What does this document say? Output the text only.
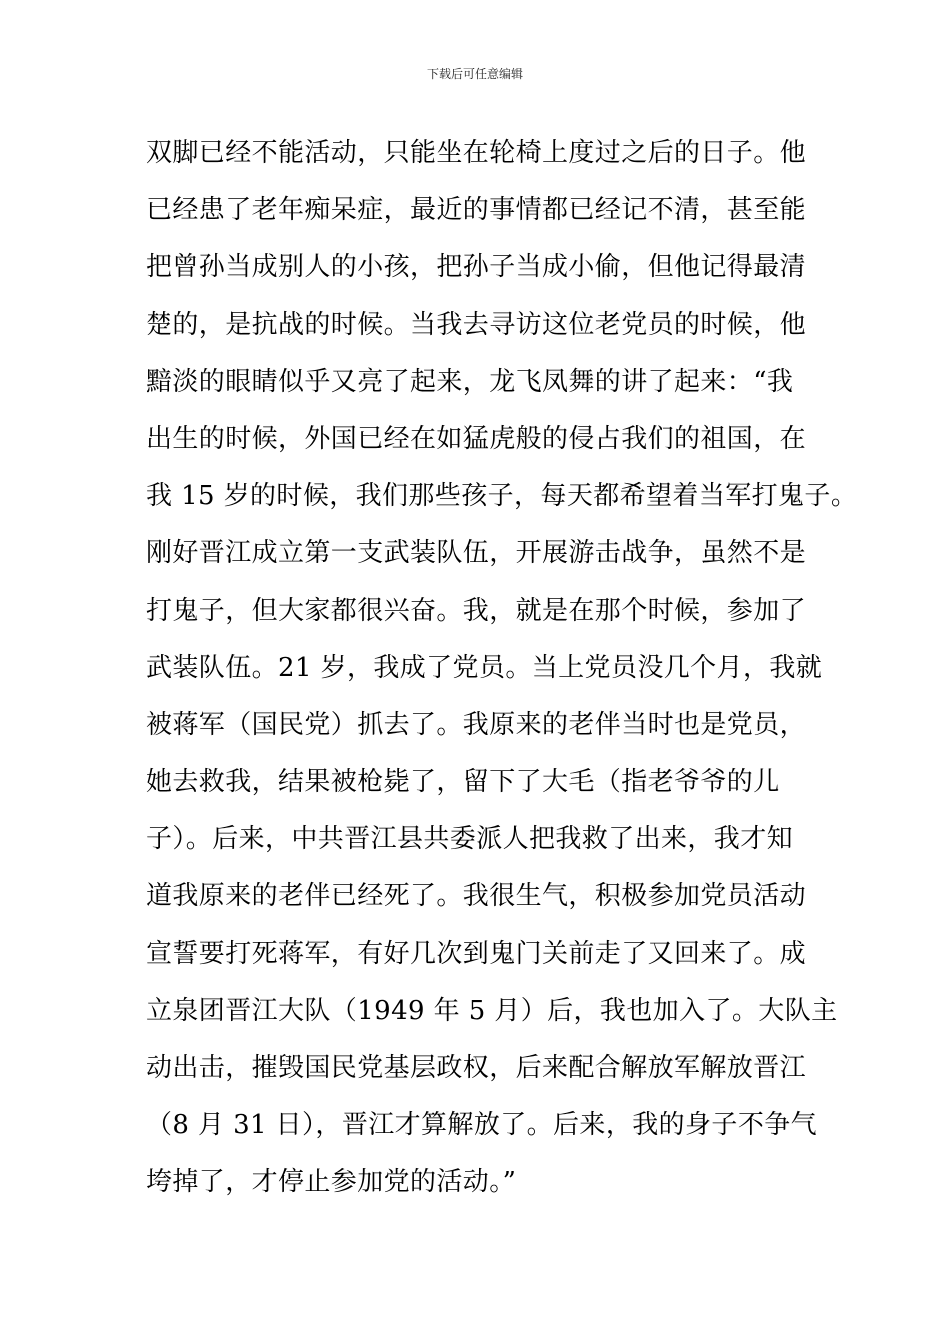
下载后可任意编辑
双脚已经不能活动，只能坐在轮椅上度过之后的日子。他
已经患了老年痴呆症，最近的事情都已经记不清，甚至能
把曾孙当成别人的小孩，把孙子当成小偷，但他记得最清
楚的，是抗战的时候。当我去寻访这位老党员的时候，他
黯淡的眼睛似乎又亮了起来，龙飞凤舞的讲了起来：“我
出生的时候，外国已经在如猛虎般的侵占我们的祖国，在
我 15 岁的时候，我们那些孩子，每天都希望着当军打鬼子。
刚好晋江成立第一支武装队伍，开展游击战争，虽然不是
打鬼子，但大家都很兴奋。我，就是在那个时候，参加了
武装队伍。21 岁，我成了党员。当上党员没几个月，我就
被蒋军（国民党）抓去了。我原来的老伴当时也是党员，
她去救我，结果被枪毙了，留下了大毛（指老爷爷的儿
子）。后来，中共晋江县共委派人把我救了出来，我才知
道我原来的老伴已经死了。我很生气，积极参加党员活动
宣誓要打死蒋军，有好几次到鬼门关前走了又回来了。成
立泉团晋江大队（1949 年 5 月）后，我也加入了。大队主
动出击，摧毁国民党基层政权，后来配合解放军解放晋江
（8 月 31 日），晋江才算解放了。后来，我的身子不争气
垮掉了，才停止参加党的活动。”
